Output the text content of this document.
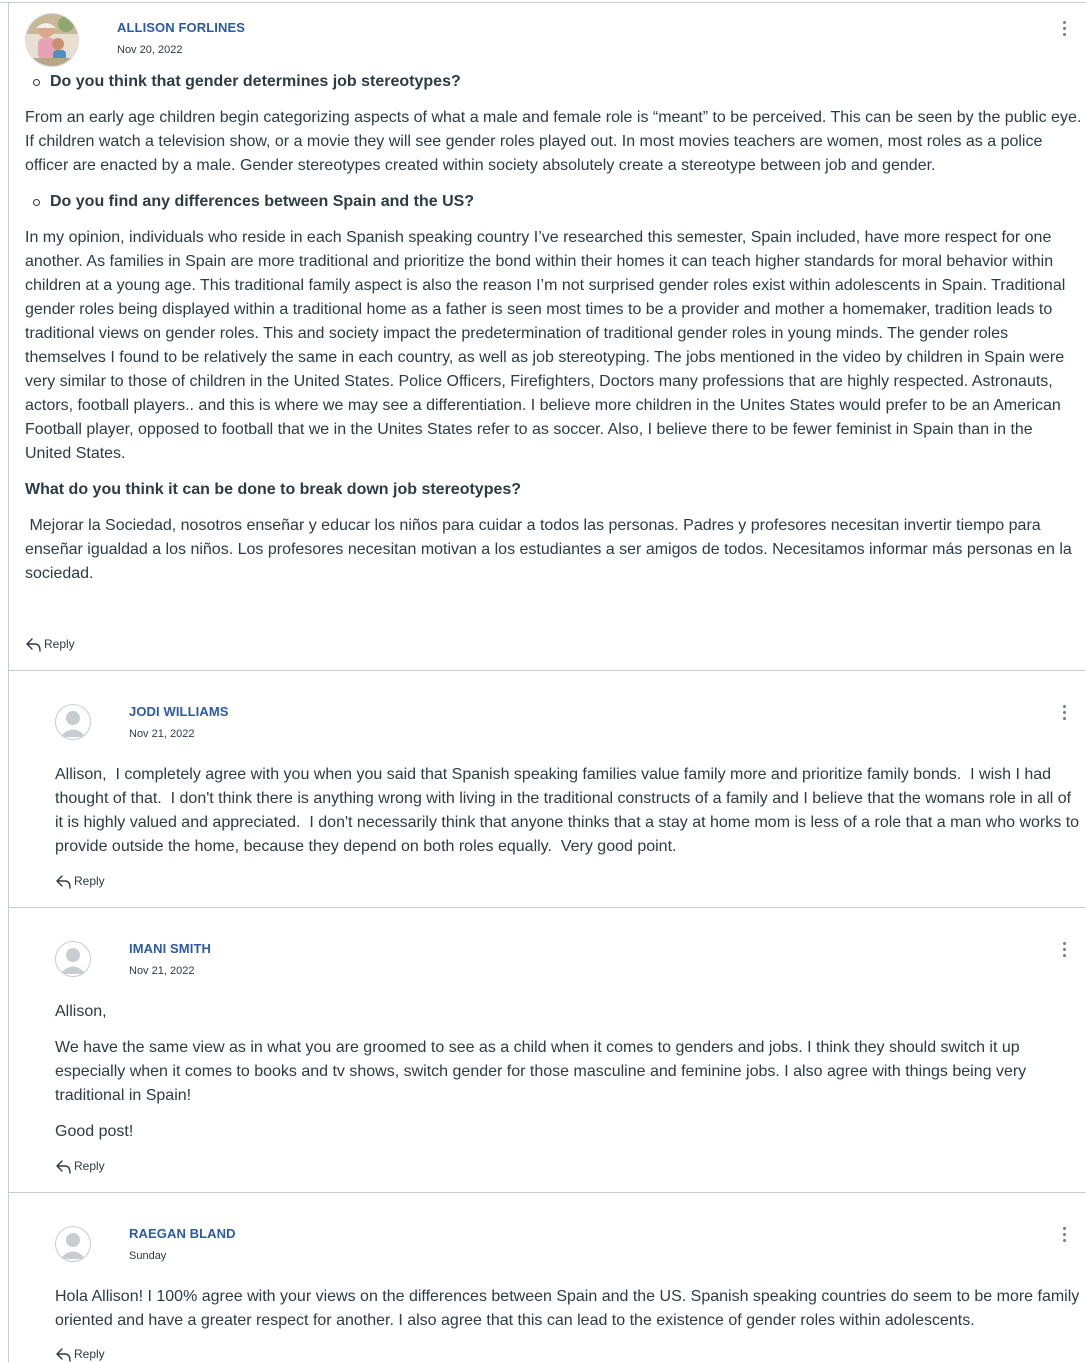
ALLISON FORLINES
Nov 20, 2022

Do you think that gender determines job stereotypes?

From an early age children begin categorizing aspects of what a male and female role is “meant” to be perceived. This can be seen by the public eye. If children watch a television show, or a movie they will see gender roles played out. In most movies teachers are women, most roles as a police officer are enacted by a male. Gender stereotypes created within society absolutely create a stereotype between job and gender.

Do you find any differences between Spain and the US?

In my opinion, individuals who reside in each Spanish speaking country I’ve researched this semester, Spain included, have more respect for one another. As families in Spain are more traditional and prioritize the bond within their homes it can teach higher standards for moral behavior within children at a young age. This traditional family aspect is also the reason I’m not surprised gender roles exist within adolescents in Spain. Traditional gender roles being displayed within a traditional home as a father is seen most times to be a provider and mother a homemaker, tradition leads to traditional views on gender roles. This and society impact the predetermination of traditional gender roles in young minds. The gender roles themselves I found to be relatively the same in each country, as well as job stereotyping. The jobs mentioned in the video by children in Spain were very similar to those of children in the United States. Police Officers, Firefighters, Doctors many professions that are highly respected. Astronauts, actors, football players.. and this is where we may see a differentiation. I believe more children in the Unites States would prefer to be an American Football player, opposed to football that we in the Unites States refer to as soccer. Also, I believe there to be fewer feminist in Spain than in the United States.

What do you think it can be done to break down job stereotypes?

Mejorar la Sociedad, nosotros enseñar y educar los niños para cuidar a todos las personas. Padres y profesores necesitan invertir tiempo para enseñar igualdad a los niños. Los profesores necesitan motivan a los estudiantes a ser amigos de todos. Necesitamos informar más personas en la sociedad.

Reply
JODI WILLIAMS
Nov 21, 2022

Allison,  I completely agree with you when you said that Spanish speaking families value family more and prioritize family bonds.  I wish I had thought of that.  I don't think there is anything wrong with living in the traditional constructs of a family and I believe that the womans role in all of it is highly valued and appreciated.  I don't necessarily think that anyone thinks that a stay at home mom is less of a role that a man who works to provide outside the home, because they depend on both roles equally.  Very good point.

Reply
IMANI SMITH
Nov 21, 2022

Allison,

We have the same view as in what you are groomed to see as a child when it comes to genders and jobs. I think they should switch it up especially when it comes to books and tv shows, switch gender for those masculine and feminine jobs. I also agree with things being very traditional in Spain!

Good post!

Reply
RAEGAN BLAND
Sunday

Hola Allison! I 100% agree with your views on the differences between Spain and the US. Spanish speaking countries do seem to be more family oriented and have a greater respect for another. I also agree that this can lead to the existence of gender roles within adolescents.

Reply
